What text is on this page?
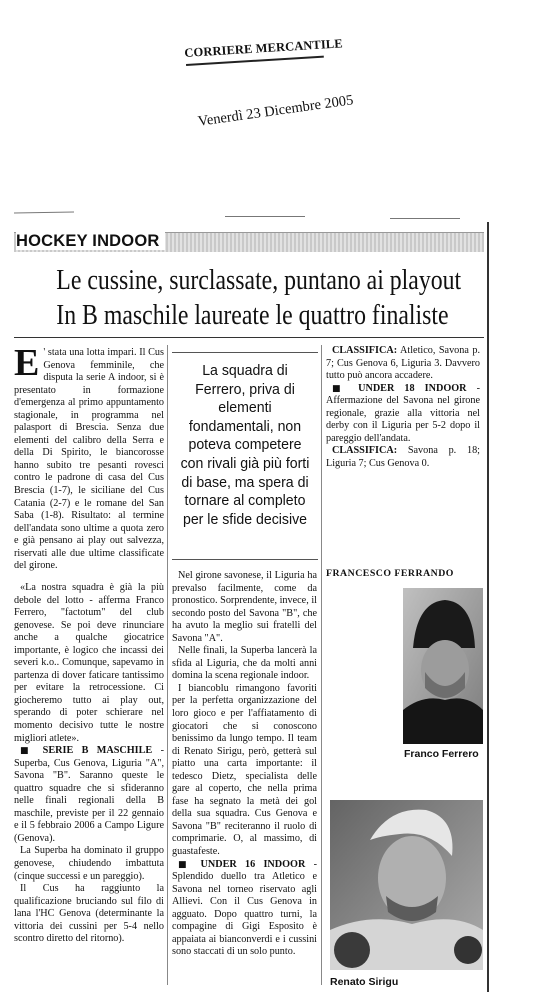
CORRIERE MERCANTILE
Venerdì 23 Dicembre 2005
HOCKEY INDOOR
Le cussine, surclassate, puntano ai playout
In B maschile laureate le quattro finaliste

E ' stata una lotta impari. Il Cus Genova femminile, che disputa la serie A indoor, si è presentato in formazione d'emergenza al primo appuntamento stagionale, in programma nel palasport di Brescia. Senza due elementi del calibro della Serra e della Di Spirito, le biancorosse hanno subito tre pesanti rovesci contro le padrone di casa del Cus Brescia (1-7), le siciliane del Cus Catania (2-7) e le romane del San Saba (1-8). Risultato: al termine dell'andata sono ultime a quota zero e già pensano ai play out salvezza, riservati alle due ultime classificate del girone.

«La nostra squadra è già la più debole del lotto - afferma Franco Ferrero, "factotum" del club genovese. Se poi deve rinunciare anche a qualche giocatrice importante, è logico che incassi dei severi k.o.. Comunque, sapevamo in partenza di dover faticare tantissimo per evitare la retrocessione. Ci giocheremo tutto ai play out, sperando di poter schierare nel momento decisivo tutte le nostre migliori atlete».

■ SERIE B MASCHILE - Superba, Cus Genova, Liguria "A", Savona "B". Saranno queste le quattro squadre che si sfideranno nelle finali regionali della B maschile, previste per il 22 gennaio e il 5 febbraio 2006 a Campo Ligure (Genova).

La Superba ha dominato il gruppo genovese, chiudendo imbattuta (cinque successi e un pareggio).

Il Cus ha raggiunto la qualificazione bruciando sul filo di lana l'HC Genova (determinante la vittoria dei cussini per 5-4 nello scontro diretto del ritorno).

La squadra di Ferrero, priva di elementi fondamentali, non poteva competere con rivali già più forti di base, ma spera di tornare al completo per le sfide decisive

Nel girone savonese, il Liguria ha prevalso facilmente, come da pronostico. Sorprendente, invece, il secondo posto del Savona "B", che ha avuto la meglio sui fratelli del Savona "A".

Nelle finali, la Superba lancerà la sfida al Liguria, che da molti anni domina la scena regionale indoor.

I biancoblu rimangono favoriti per la perfetta organizzazione del loro gioco e per l'affiatamento di giocatori che si conoscono benissimo da lungo tempo. Il team di Renato Sirigu, però, getterà sul piatto una carta importante: il tedesco Dietz, specialista delle gare al coperto, che nella prima fase ha segnato la metà dei gol della sua squadra. Cus Genova e Savona "B" reciteranno il ruolo di comprimarie. O, al massimo, di guastafeste.

■ UNDER 16 INDOOR - Splendido duello tra Atletico e Savona nel torneo riservato agli Allievi. Con il Cus Genova in agguato. Dopo quattro turni, la compagine di Gigi Esposito è appaiata ai bianconverdi e i cussini sono staccati di un solo punto.

CLASSIFICA: Atletico, Savona p. 7; Cus Genova 6, Liguria 3. Davvero tutto può ancora accadere.

■ UNDER 18 INDOOR - Affermazione del Savona nel girone regionale, grazie alla vittoria nel derby con il Liguria per 5-2 dopo il pareggio dell'andata.

CLASSIFICA: Savona p. 18; Liguria 7; Cus Genova 0.

FRANCESCO FERRANDO
Franco Ferrero
Renato Sirigu
